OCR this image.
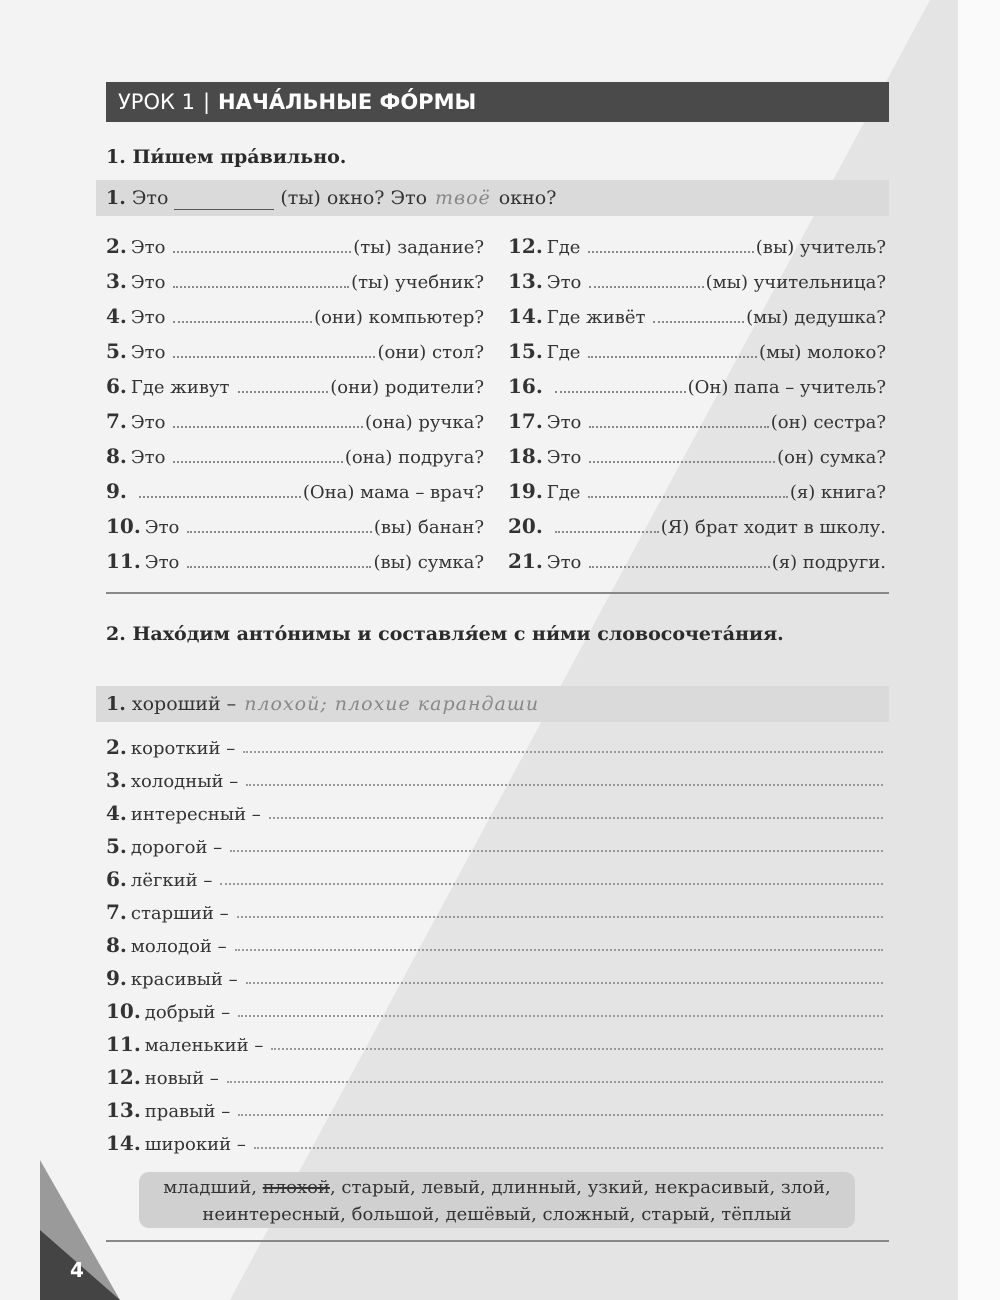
УРОК 1 | НАЧА́ЛЬНЫЕ ФО́РМЫ
1. Пи́шем пра́вильно.
1. Это	(ты) окно? Это твоё окно?
2. Это	(ты) задание?
3. Это	(ты) учебник?
4. Это	(они) компьютер?
5. Это	(они) стол?
6. Где живут	(они) родители?
7. Это	(она) ручка?
8. Это	(она) подруга?
9.	(Она) мама – врач?
10. Это	(вы) банан?
11. Это	(вы) сумка?
12. Где	(вы) учитель?
13. Это	(мы) учительница?
14. Где живёт	(мы) дедушка?
15. Где	(мы) молоко?
16.	(Он) папа – учитель?
17. Это	(он) сестра?
18. Это	(он) сумка?
19. Где	(я) книга?
20.	(Я) брат ходит в школу.
21. Это	(я) подруги.
2. Нахо́дим анто́нимы и составля́ем с ни́ми словосочета́ния.
1. хороший – плохой; плохие карандаши
2. короткий –
3. холодный –
4. интересный –
5. дорогой –
6. лёгкий –
7. старший –
8. молодой –
9. красивый –
10. добрый –
11. маленький –
12. новый –
13. правый –
14. широкий –
младший, плохой, старый, левый, длинный, узкий, некрасивый, злой,
неинтересный, большой, дешёвый, сложный, старый, тёплый
4
